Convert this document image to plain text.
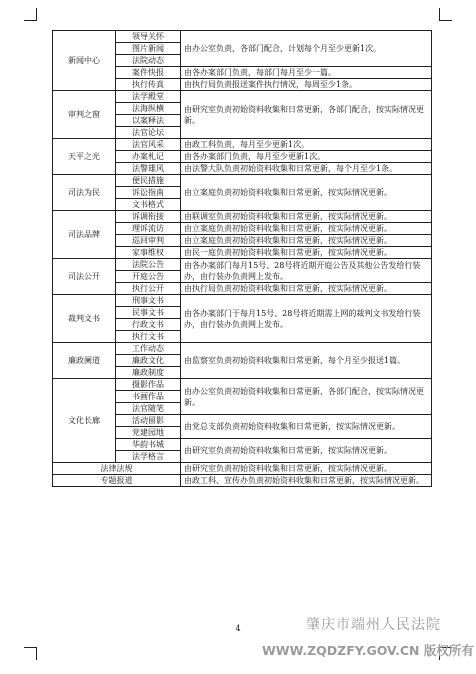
新闻中心	领导关怀	由办公室负责，各部门配合，计划每个月至少更新1次。
	图片新闻	
	法院动态	
	案件快报	由各办案部门负责，每部门每月至少一篇。
	执行传真	由执行局负责报送案件执行情况，每周至少1条。
审判之窗	法学殿堂	由研究室负责初始资料收集和日常更新，各部门配合，按实际情况更新。
	法海纵横	
	以案释法	
	法官论坛	
天平之光	法官风采	由政工科负责，每月至少更新1次。
	办案札记	由各办案部门负责，每月至少更新1次。
	法警雄风	由法警大队负责初始资料收集和日常更新，每个月至少1条。
司法为民	便民措施	由立案庭负责初始资料收集和日常更新，按实际情况更新。
	诉讼指南	
	文书格式	
司法品牌	诉调衔接	由联调室负责初始资料收集和日常更新，按实际情况更新。
	理诉流访	由立案庭负责初始资料收集和日常更新，按实际情况更新。
	巡回审判	由立案庭负责初始资料收集和日常更新，按实际情况更新。
	家事维权	由民一庭负责初始资料收集和日常更新，按实际情况更新。
司法公开	法院公告	由各办案部门每月15号、28号将近期开庭公告及其他公告发给行装办，由行装办负责网上发布。
	开庭公告	
	执行公开	由执行局负责初始资料收集和日常更新，按实际情况更新。
裁判文书	刑事文书	由各办案部门于每月15号、28号将近期需上网的裁判文书发给行装办，由行装办负责网上发布。
	民事文书	
	行政文书	
	执行文书	
廉政阑道	工作动态	由监察室负责初始资料收集和日常更新，每个月至少报送1篇。
	廉政文化	
	廉政制度	
文化长廊	摄影作品	由办公室负责初始资料收集和日常更新，各部门配合，按实际情况更新。
	书画作品	
	法官随笔	
	活动留影	由党总支部负责初始资料收集和日常更新，按实际情况更新。
	党建园地	
	华韵书城	由研究室负责初始资料收集和日常更新，按实际情况更新。
	法学格言	
法律法规		由研究室负责初始资料收集和日常更新，按实际情况更新。
专题报道		由政工科、宣传办负责初始资料收集和日常更新，按实际情况更新。
4	肇庆市端州人民法院
WWW.ZQDZFY.GOV.CN 版权所有
